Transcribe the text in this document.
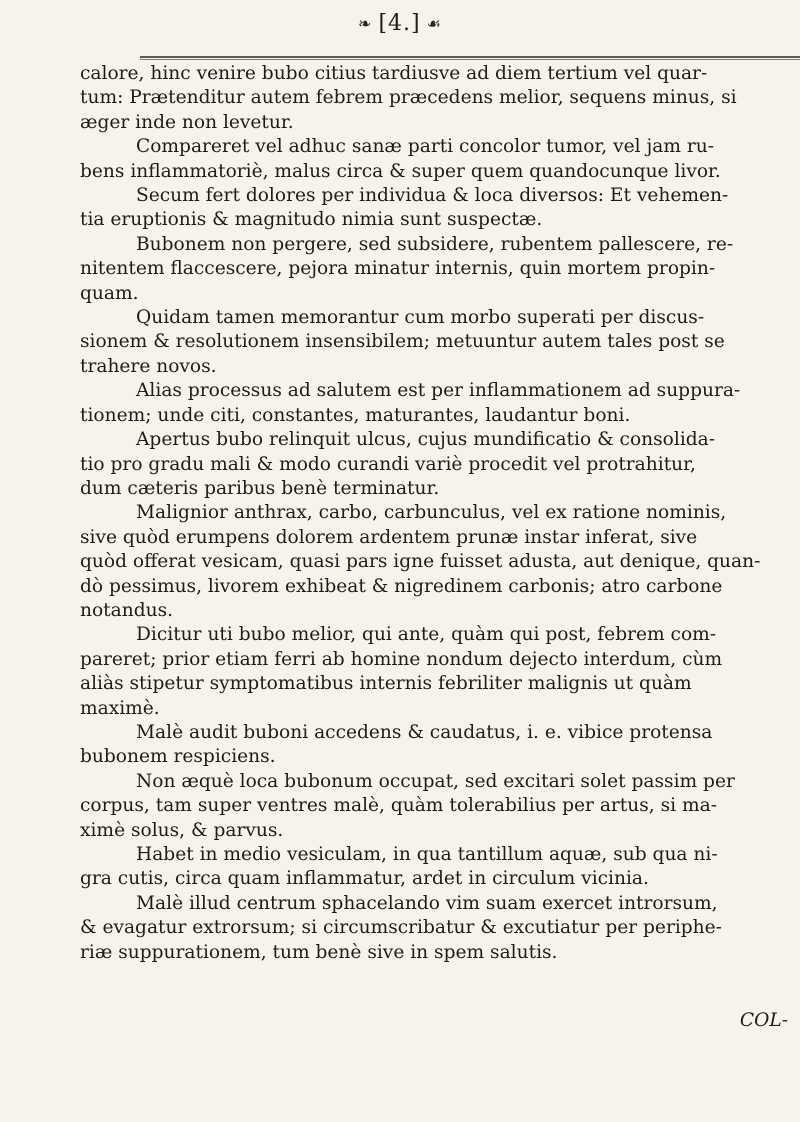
❧ [4.] ☙
calore, hinc venire bubo citius tardiusve ad diem tertium vel quar-
tum: Prætenditur autem febrem præcedens melior, sequens minus, si
æger inde non levetur.
Compareret vel adhuc sanæ parti concolor tumor, vel jam ru-
bens inflammatoriè, malus circa & super quem quandocunque livor.
Secum fert dolores per individua & loca diversos: Et vehemen-
tia eruptionis & magnitudo nimia sunt suspectæ.
Bubonem non pergere, sed subsidere, rubentem pallescere, re-
nitentem flaccescere, pejora minatur internis, quin mortem propin-
quam.
Quidam tamen memorantur cum morbo superati per discus-
sionem & resolutionem insensibilem; metuuntur autem tales post se
trahere novos.
Alias processus ad salutem est per inflammationem ad suppura-
tionem; unde citi, constantes, maturantes, laudantur boni.
Apertus bubo relinquit ulcus, cujus mundificatio & consolida-
tio pro gradu mali & modo curandi variè procedit vel protrahitur,
dum cæteris paribus benè terminatur.
Malignior anthrax, carbo, carbunculus, vel ex ratione nominis,
sive quòd erumpens dolorem ardentem prunæ instar inferat, sive
quòd offerat vesicam, quasi pars igne fuisset adusta, aut denique, quan-
dò pessimus, livorem exhibeat & nigredinem carbonis; atro carbone
notandus.
Dicitur uti bubo melior, qui ante, quàm qui post, febrem com-
pareret; prior etiam ferri ab homine nondum dejecto interdum, cùm
aliàs stipetur symptomatibus internis febriliter malignis ut quàm
maximè.
Malè audit buboni accedens & caudatus, i. e. vibice protensa
bubonem respiciens.
Non æquè loca bubonum occupat, sed excitari solet passim per
corpus, tam super ventres malè, quàm tolerabilius per artus, si ma-
ximè solus, & parvus.
Habet in medio vesiculam, in qua tantillum aquæ, sub qua ni-
gra cutis, circa quam inflammatur, ardet in circulum vicinia.
Malè illud centrum sphacelando vim suam exercet introrsum,
& evagatur extrorsum; si circumscribatur & excutiatur per periphe-
riæ suppurationem, tum benè sive in spem salutis.
COL-
